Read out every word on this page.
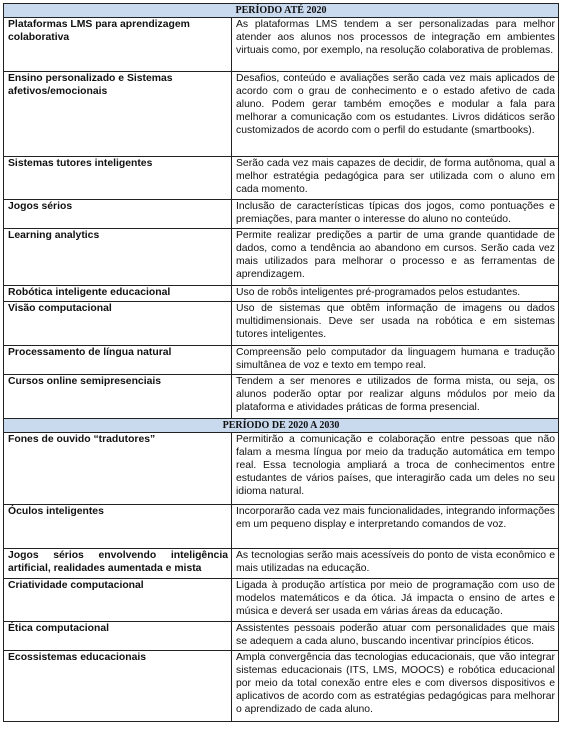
PERÍODO ATÉ 2020	
Plataformas LMS para aprendizagem colaborativa	As plataformas LMS tendem a ser personalizadas para melhor atender aos alunos nos processos de integração em ambientes virtuais como, por exemplo, na resolução colaborativa de problemas.
Ensino personalizado e Sistemas afetivos/emocionais	Desafios, conteúdo e avaliações serão cada vez mais aplicados de acordo com o grau de conhecimento e o estado afetivo de cada aluno. Podem gerar também emoções e modular a fala para melhorar a comunicação com os estudantes. Livros didáticos serão customizados de acordo com o perfil do estudante (smartbooks).
Sistemas tutores inteligentes	Serão cada vez mais capazes de decidir, de forma autônoma, qual a melhor estratégia pedagógica para ser utilizada com o aluno em cada momento.
Jogos sérios	Inclusão de características típicas dos jogos, como pontuações e premiações, para manter o interesse do aluno no conteúdo.
Learning analytics	Permite realizar predições a partir de uma grande quantidade de dados, como a tendência ao abandono em cursos. Serão cada vez mais utilizados para melhorar o processo e as ferramentas de aprendizagem.
Robótica inteligente educacional	Uso de robôs inteligentes pré-programados pelos estudantes.
Visão computacional	Uso de sistemas que obtêm informação de imagens ou dados multidimensionais. Deve ser usada na robótica e em sistemas tutores inteligentes.
Processamento de língua natural	Compreensão pelo computador da linguagem humana e tradução simultânea de voz e texto em tempo real.
Cursos online semipresenciais	Tendem a ser menores e utilizados de forma mista, ou seja, os alunos poderão optar por realizar alguns módulos por meio da plataforma e atividades práticas de forma presencial.
PERÍODO DE 2020 A 2030	
Fones de ouvido “tradutores”	Permitirão a comunicação e colaboração entre pessoas que não falam a mesma língua por meio da tradução automática em tempo real. Essa tecnologia ampliará a troca de conhecimentos entre estudantes de vários países, que interagirão cada um deles no seu idioma natural.
Óculos inteligentes	Incorporarão cada vez mais funcionalidades, integrando informações em um pequeno display e interpretando comandos de voz.
Jogos sérios envolvendo inteligência artificial, realidades aumentada e mista	As tecnologias serão mais acessíveis do ponto de vista econômico e mais utilizadas na educação.
Criatividade computacional	Ligada à produção artística por meio de programação com uso de modelos matemáticos e da ótica. Já impacta o ensino de artes e música e deverá ser usada em várias áreas da educação.
Ética computacional	Assistentes pessoais poderão atuar com personalidades que mais se adequem a cada aluno, buscando incentivar princípios éticos.
Ecossistemas educacionais	Ampla convergência das tecnologias educacionais, que vão integrar sistemas educacionais (ITS, LMS, MOOCS) e robótica educacional por meio da total conexão entre eles e com diversos dispositivos e aplicativos de acordo com as estratégias pedagógicas para melhorar o aprendizado de cada aluno.
